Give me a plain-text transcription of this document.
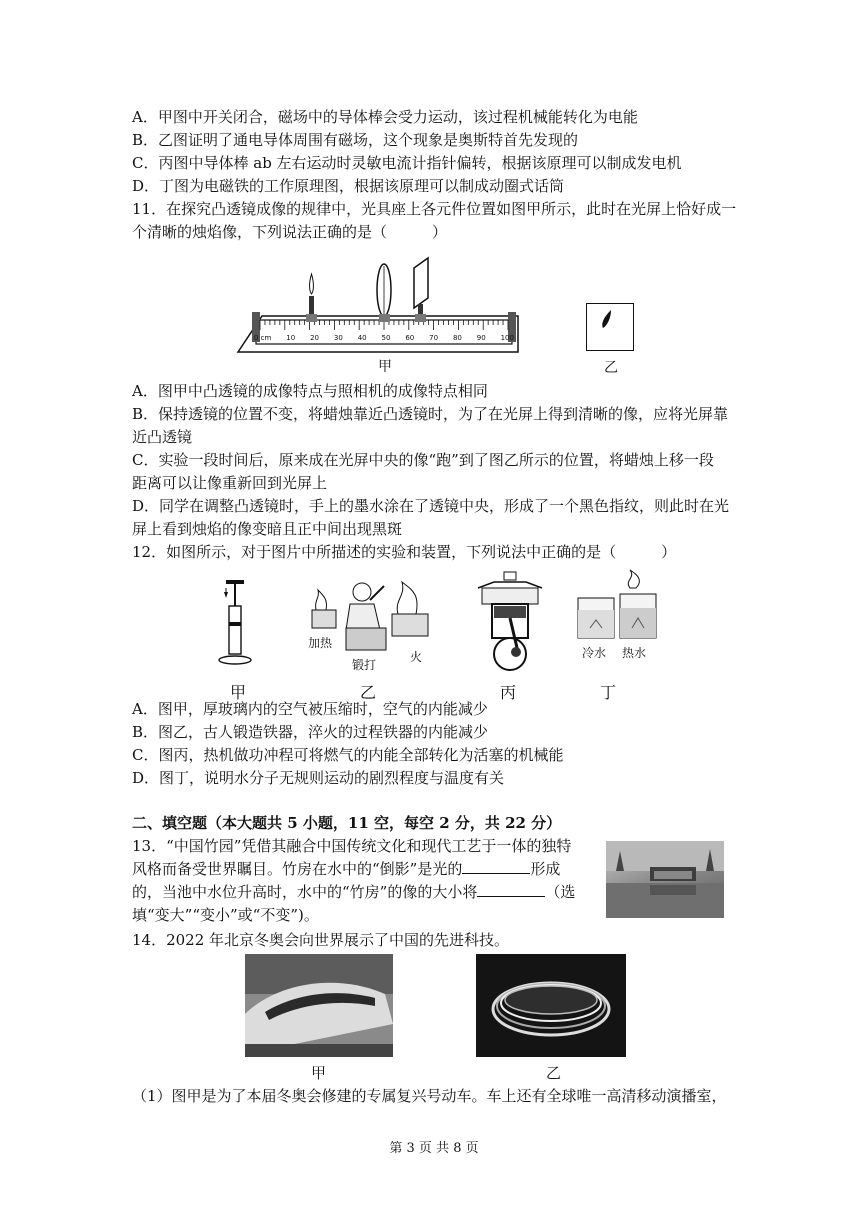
A．甲图中开关闭合，磁场中的导体棒会受力运动，该过程机械能转化为电能
B．乙图证明了通电导体周围有磁场，这个现象是奥斯特首先发现的
C．丙图中导体棒 ab 左右运动时灵敏电流计指针偏转，根据该原理可以制成发电机
D．丁图为电磁铁的工作原理图，根据该原理可以制成动圈式话筒
11．在探究凸透镜成像的规律中，光具座上各元件位置如图甲所示，此时在光屏上恰好成一
个清晰的烛焰像，下列说法正确的是（　　　）
0 cm 10 20 30 40 50 60 70 80 90 100
甲	乙
A．图甲中凸透镜的成像特点与照相机的成像特点相同
B．保持透镜的位置不变，将蜡烛靠近凸透镜时，为了在光屏上得到清晰的像，应将光屏靠
近凸透镜
C．实验一段时间后，原来成在光屏中央的像“跑”到了图乙所示的位置，将蜡烛上移一段
距离可以让像重新回到光屏上
D．同学在调整凸透镜时，手上的墨水涂在了透镜中央，形成了一个黑色指纹，则此时在光
屏上看到烛焰的像变暗且正中间出现黑斑
12．如图所示，对于图片中所描述的实验和装置，下列说法中正确的是（　　　）
加热
锻打
火	冷水 热水
甲	乙	丙	丁
A．图甲，厚玻璃内的空气被压缩时，空气的内能减少
B．图乙，古人锻造铁器，淬火的过程铁器的内能减少
C．图丙，热机做功冲程可将燃气的内能全部转化为活塞的机械能
D．图丁，说明水分子无规则运动的剧烈程度与温度有关
二、填空题（本大题共 5 小题，11 空，每空 2 分，共 22 分）
13．“中国竹园”凭借其融合中国传统文化和现代工艺于一体的独特
风格而备受世界瞩目。竹房在水中的“倒影”是光的	形成
的，当池中水位升高时，水中的“竹房”的像的大小将	（选
填“变大”“变小”或“不变”)。
14．2022 年北京冬奥会向世界展示了中国的先进科技。
甲	乙
（1）图甲是为了本届冬奥会修建的专属复兴号动车。车上还有全球唯一高清移动演播室，
第 3 页 共 8 页
